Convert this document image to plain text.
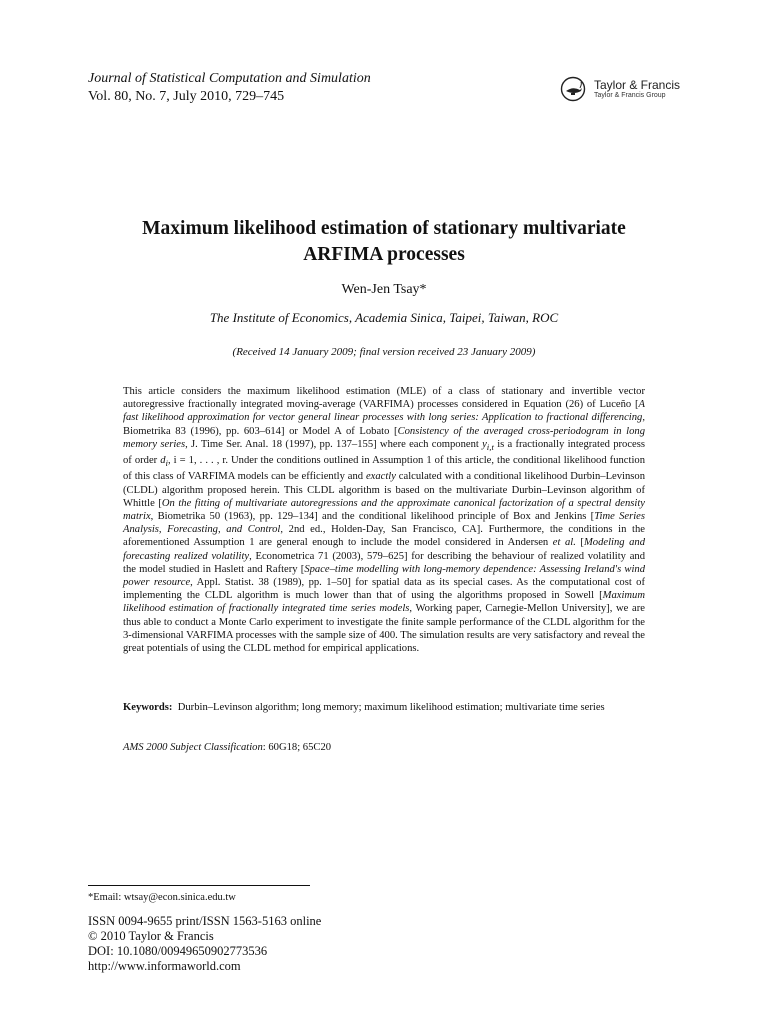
Journal of Statistical Computation and Simulation
Vol. 80, No. 7, July 2010, 729–745
Taylor & Francis
Taylor & Francis Group
Maximum likelihood estimation of stationary multivariate
ARFIMA processes
Wen-Jen Tsay*
The Institute of Economics, Academia Sinica, Taipei, Taiwan, ROC
(Received 14 January 2009; final version received 23 January 2009)
This article considers the maximum likelihood estimation (MLE) of a class of stationary and invertible vector autoregressive fractionally integrated moving-average (VARFIMA) processes considered in Equation (26) of Luceño [A fast likelihood approximation for vector general linear processes with long series: Application to fractional differencing, Biometrika 83 (1996), pp. 603–614] or Model A of Lobato [Consistency of the averaged cross-periodogram in long memory series, J. Time Ser. Anal. 18 (1997), pp. 137–155] where each component $y_{i,t}$ is a fractionally integrated process of order $d_i$, i = 1, . . . , r. Under the conditions outlined in Assumption 1 of this article, the conditional likelihood function of this class of VARFIMA models can be efficiently and exactly calculated with a conditional likelihood Durbin–Levinson (CLDL) algorithm proposed herein. This CLDL algorithm is based on the multivariate Durbin–Levinson algorithm of Whittle [On the fitting of multivariate autoregressions and the approximate canonical factorization of a spectral density matrix, Biometrika 50 (1963), pp. 129–134] and the conditional likelihood principle of Box and Jenkins [Time Series Analysis, Forecasting, and Control, 2nd ed., Holden-Day, San Francisco, CA]. Furthermore, the conditions in the aforementioned Assumption 1 are general enough to include the model considered in Andersen et al. [Modeling and forecasting realized volatility, Econometrica 71 (2003), 579–625] for describing the behaviour of realized volatility and the model studied in Haslett and Raftery [Space–time modelling with long-memory dependence: Assessing Ireland's wind power resource, Appl. Statist. 38 (1989), pp. 1–50] for spatial data as its special cases. As the computational cost of implementing the CLDL algorithm is much lower than that of using the algorithms proposed in Sowell [Maximum likelihood estimation of fractionally integrated time series models, Working paper, Carnegie-Mellon University], we are thus able to conduct a Monte Carlo experiment to investigate the finite sample performance of the CLDL algorithm for the 3-dimensional VARFIMA processes with the sample size of 400. The simulation results are very satisfactory and reveal the great potentials of using the CLDL method for empirical applications.
Keywords: Durbin–Levinson algorithm; long memory; maximum likelihood estimation; multivariate time series
AMS 2000 Subject Classification: 60G18; 65C20
*Email: wtsay@econ.sinica.edu.tw
ISSN 0094-9655 print/ISSN 1563-5163 online
© 2010 Taylor & Francis
DOI: 10.1080/00949650902773536
http://www.informaworld.com
